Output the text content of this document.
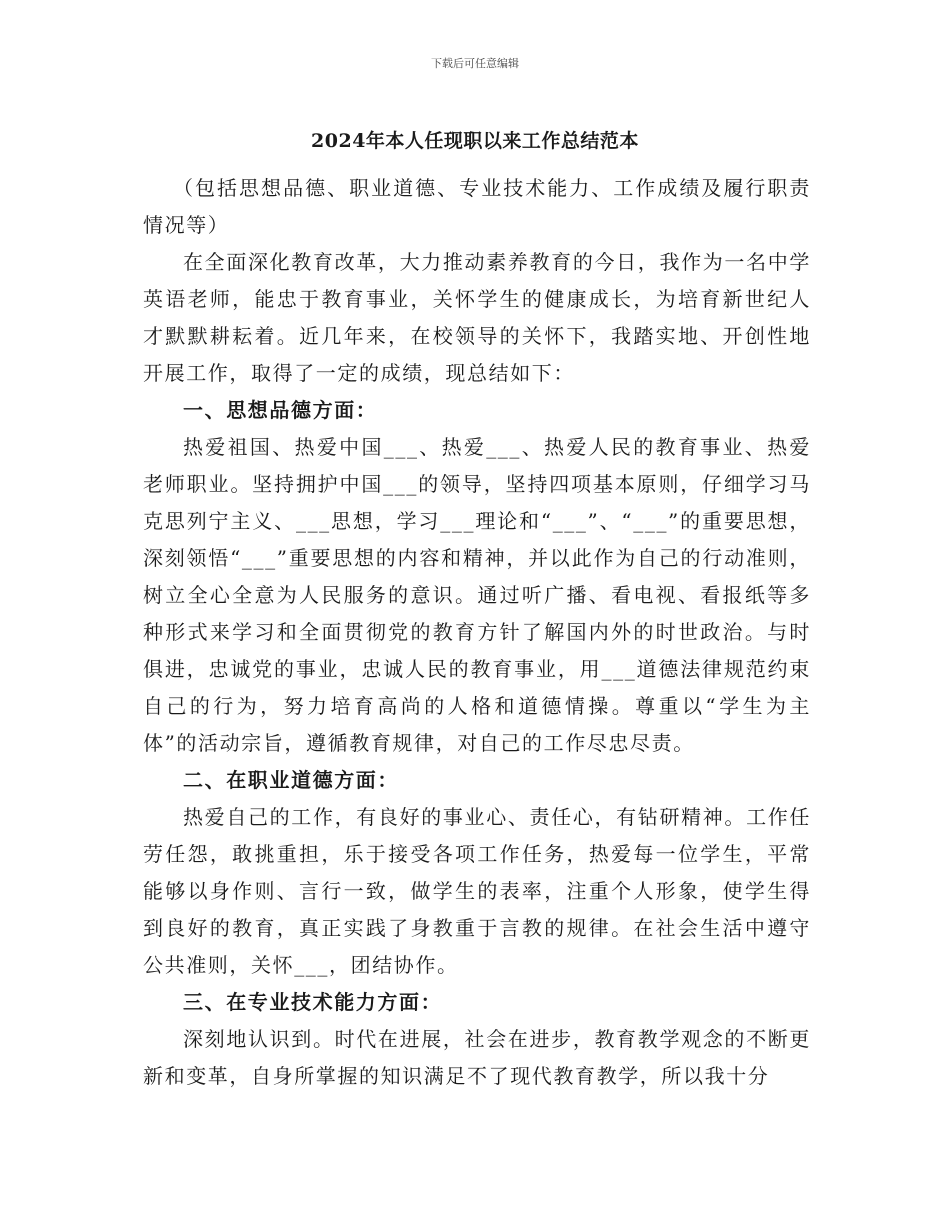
下载后可任意编辑
2024年本人任现职以来工作总结范本

（包括思想品德、职业道德、专业技术能力、工作成绩及履行职责情况等）

在全面深化教育改革，大力推动素养教育的今日，我作为一名中学英语老师，能忠于教育事业，关怀学生的健康成长，为培育新世纪人才默默耕耘着。近几年来，在校领导的关怀下，我踏实地、开创性地开展工作，取得了一定的成绩，现总结如下：

一、思想品德方面：

热爱祖国、热爱中国___、热爱___、热爱人民的教育事业、热爱老师职业。坚持拥护中国___的领导，坚持四项基本原则，仔细学习马克思列宁主义、___思想，学习___理论和“___”、“___”的重要思想，深刻领悟“___”重要思想的内容和精神，并以此作为自己的行动准则，树立全心全意为人民服务的意识。通过听广播、看电视、看报纸等多种形式来学习和全面贯彻党的教育方针了解国内外的时世政治。与时俱进，忠诚党的事业，忠诚人民的教育事业，用___道德法律规范约束自己的行为，努力培育高尚的人格和道德情操。尊重以“学生为主体”的活动宗旨，遵循教育规律，对自己的工作尽忠尽责。

二、在职业道德方面：

热爱自己的工作，有良好的事业心、责任心，有钻研精神。工作任劳任怨，敢挑重担，乐于接受各项工作任务，热爱每一位学生，平常能够以身作则、言行一致，做学生的表率，注重个人形象，使学生得到良好的教育，真正实践了身教重于言教的规律。在社会生活中遵守公共准则，关怀___，团结协作。

三、在专业技术能力方面：

深刻地认识到。时代在进展，社会在进步，教育教学观念的不断更新和变革，自身所掌握的知识满足不了现代教育教学，所以我十分
